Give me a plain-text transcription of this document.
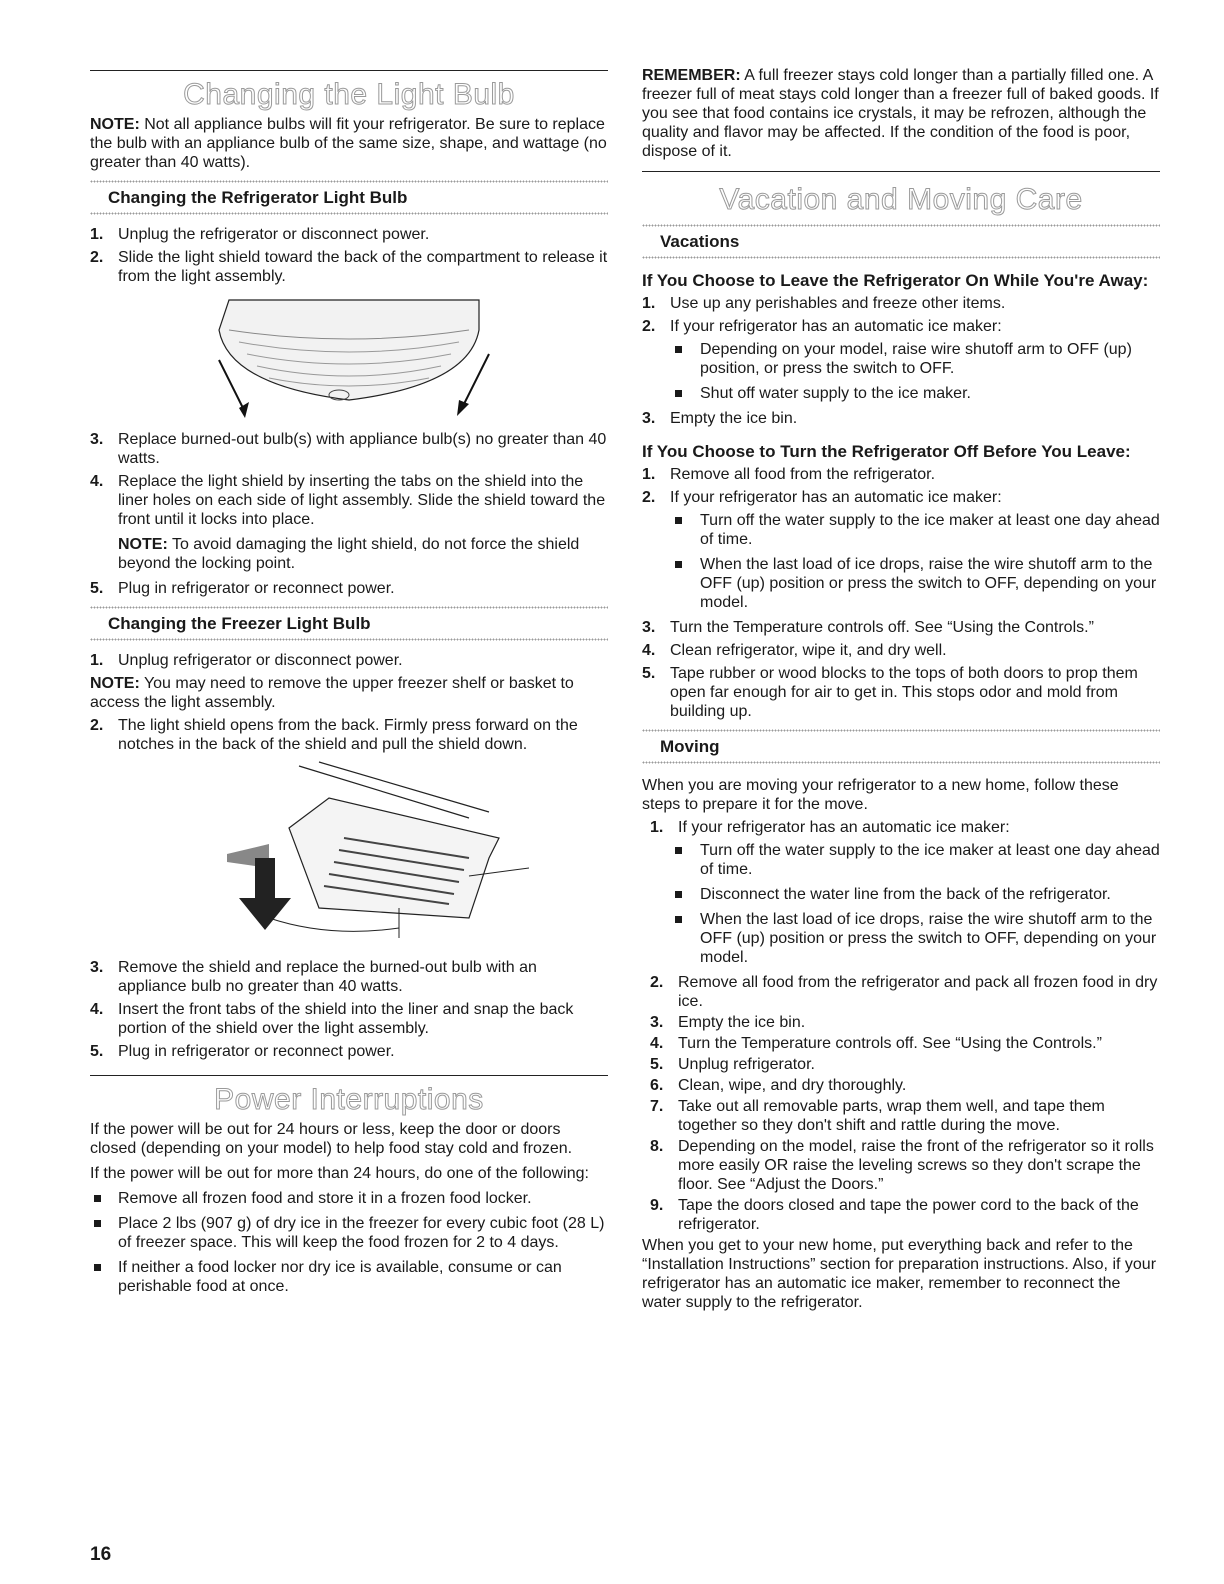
Changing the Light Bulb

NOTE: Not all appliance bulbs will fit your refrigerator. Be sure to replace the bulb with an appliance bulb of the same size, shape, and wattage (no greater than 40 watts).

Changing the Refrigerator Light Bulb
1. Unplug the refrigerator or disconnect power.
2. Slide the light shield toward the back of the compartment to release it from the light assembly.
3. Replace burned-out bulb(s) with appliance bulb(s) no greater than 40 watts.
4. Replace the light shield by inserting the tabs on the shield into the liner holes on each side of light assembly. Slide the shield toward the front until it locks into place.

NOTE: To avoid damaging the light shield, do not force the shield beyond the locking point.

5. Plug in refrigerator or reconnect power.
Changing the Freezer Light Bulb
1. Unplug refrigerator or disconnect power.

NOTE: You may need to remove the upper freezer shelf or basket to access the light assembly.

2. The light shield opens from the back. Firmly press forward on the notches in the back of the shield and pull the shield down.
3. Remove the shield and replace the burned-out bulb with an appliance bulb no greater than 40 watts.
4. Insert the front tabs of the shield into the liner and snap the back portion of the shield over the light assembly.
5. Plug in refrigerator or reconnect power.
Power Interruptions

If the power will be out for 24 hours or less, keep the door or doors closed (depending on your model) to help food stay cold and frozen.

If the power will be out for more than 24 hours, do one of the following:

Remove all frozen food and store it in a frozen food locker.
Place 2 lbs (907 g) of dry ice in the freezer for every cubic foot (28 L) of freezer space. This will keep the food frozen for 2 to 4 days.
If neither a food locker nor dry ice is available, consume or can perishable food at once.

REMEMBER: A full freezer stays cold longer than a partially filled one. A freezer full of meat stays cold longer than a freezer full of baked goods. If you see that food contains ice crystals, it may be refrozen, although the quality and flavor may be affected. If the condition of the food is poor, dispose of it.

Vacation and Moving Care
Vacations
If You Choose to Leave the Refrigerator On While You're Away:
1. Use up any perishables and freeze other items.
2. If your refrigerator has an automatic ice maker:
Depending on your model, raise wire shutoff arm to OFF (up) position, or press the switch to OFF.
Shut off water supply to the ice maker.
3. Empty the ice bin.
If You Choose to Turn the Refrigerator Off Before You Leave:
1. Remove all food from the refrigerator.
2. If your refrigerator has an automatic ice maker:
Turn off the water supply to the ice maker at least one day ahead of time.
When the last load of ice drops, raise the wire shutoff arm to the OFF (up) position or press the switch to OFF, depending on your model.
3. Turn the Temperature controls off. See “Using the Controls.”
4. Clean refrigerator, wipe it, and dry well.
5. Tape rubber or wood blocks to the tops of both doors to prop them open far enough for air to get in. This stops odor and mold from building up.
Moving

When you are moving your refrigerator to a new home, follow these steps to prepare it for the move.

1. If your refrigerator has an automatic ice maker:
Turn off the water supply to the ice maker at least one day ahead of time.
Disconnect the water line from the back of the refrigerator.
When the last load of ice drops, raise the wire shutoff arm to the OFF (up) position or press the switch to OFF, depending on your model.
2. Remove all food from the refrigerator and pack all frozen food in dry ice.
3. Empty the ice bin.
4. Turn the Temperature controls off. See “Using the Controls.”
5. Unplug refrigerator.
6. Clean, wipe, and dry thoroughly.
7. Take out all removable parts, wrap them well, and tape them together so they don't shift and rattle during the move.
8. Depending on the model, raise the front of the refrigerator so it rolls more easily OR raise the leveling screws so they don't scrape the floor. See “Adjust the Doors.”
9. Tape the doors closed and tape the power cord to the back of the refrigerator.

When you get to your new home, put everything back and refer to the “Installation Instructions” section for preparation instructions. Also, if your refrigerator has an automatic ice maker, remember to reconnect the water supply to the refrigerator.

16
